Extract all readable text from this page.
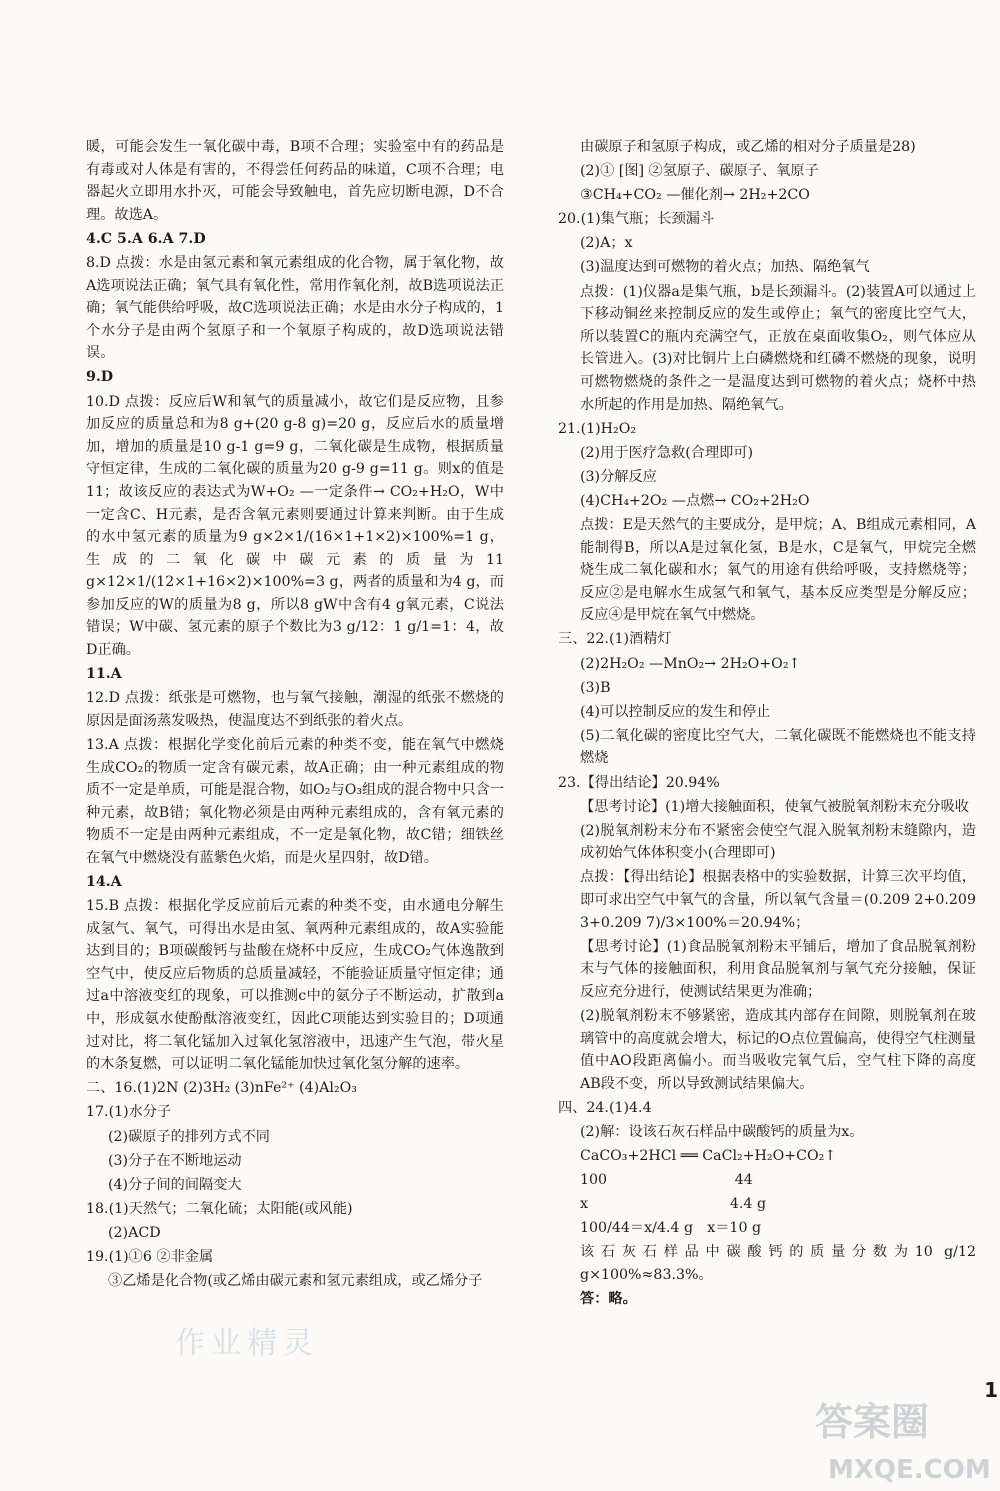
暖，可能会发生一氧化碳中毒，B项不合理；实验室中有的药品是有毒或对人体是有害的，不得尝任何药品的味道，C项不合理；电器起火立即用水扑灭，可能会导致触电，首先应切断电源，D不合理。故选A。

4.C 5.A 6.A 7.D

8.D 点拨：水是由氢元素和氧元素组成的化合物，属于氧化物，故A选项说法正确；氧气具有氧化性，常用作氧化剂，故B选项说法正确；氧气能供给呼吸，故C选项说法正确；水是由水分子构成的，1个水分子是由两个氢原子和一个氧原子构成的，故D选项说法错误。

9.D

10.D 点拨：反应后W和氧气的质量减小，故它们是反应物，且参加反应的质量总和为8 g+(20 g-8 g)=20 g，反应后水的质量增加，增加的质量是10 g-1 g=9 g，二氧化碳是生成物，根据质量守恒定律，生成的二氧化碳的质量为20 g-9 g=11 g。则x的值是11；故该反应的表达式为W+O₂ —一定条件→ CO₂+H₂O，W中一定含C、H元素，是否含氧元素则要通过计算来判断。由于生成的水中氢元素的质量为9 g×2×1/(16×1+1×2)×100%=1 g，生成的二氧化碳中碳元素的质量为11 g×12×1/(12×1+16×2)×100%=3 g，两者的质量和为4 g，而参加反应的W的质量为8 g，所以8 gW中含有4 g氧元素，C说法错误；W中碳、氢元素的原子个数比为3 g/12：1 g/1=1：4，故D正确。

11.A

12.D 点拨：纸张是可燃物，也与氧气接触，潮湿的纸张不燃烧的原因是面汤蒸发吸热，使温度达不到纸张的着火点。

13.A 点拨：根据化学变化前后元素的种类不变，能在氧气中燃烧生成CO₂的物质一定含有碳元素，故A正确；由一种元素组成的物质不一定是单质，可能是混合物，如O₂与O₃组成的混合物中只含一种元素，故B错；氧化物必须是由两种元素组成的，含有氧元素的物质不一定是由两种元素组成，不一定是氧化物，故C错；细铁丝在氧气中燃烧没有蓝紫色火焰，而是火星四射，故D错。

14.A

15.B 点拨：根据化学反应前后元素的种类不变，由水通电分解生成氢气、氧气，可得出水是由氢、氧两种元素组成的，故A实验能达到目的；B项碳酸钙与盐酸在烧杯中反应，生成CO₂气体逸散到空气中，使反应后物质的总质量减轻，不能验证质量守恒定律；通过a中溶液变红的现象，可以推测c中的氨分子不断运动，扩散到a中，形成氨水使酚酞溶液变红，因此C项能达到实验目的；D项通过对比，将二氧化锰加入过氧化氢溶液中，迅速产生气泡，带火星的木条复燃，可以证明二氧化锰能加快过氧化氢分解的速率。

二、16.(1)2N (2)3H₂ (3)nFe²⁺ (4)Al₂O₃

17.(1)水分子

(2)碳原子的排列方式不同

(3)分子在不断地运动

(4)分子间的间隔变大

18.(1)天然气；二氧化硫；太阳能(或风能)

(2)ACD

19.(1)①6 ②非金属

③乙烯是化合物(或乙烯由碳元素和氢元素组成，或乙烯分子

由碳原子和氢原子构成，或乙烯的相对分子质量是28)

(2)① [图] ②氢原子、碳原子、氧原子

③CH₄+CO₂ —催化剂→ 2H₂+2CO

20.(1)集气瓶；长颈漏斗

(2)A；x

(3)温度达到可燃物的着火点；加热、隔绝氧气

点拨：(1)仪器a是集气瓶，b是长颈漏斗。(2)装置A可以通过上下移动铜丝来控制反应的发生或停止；氧气的密度比空气大，所以装置C的瓶内充满空气，正放在桌面收集O₂，则气体应从长管进入。(3)对比铜片上白磷燃烧和红磷不燃烧的现象，说明可燃物燃烧的条件之一是温度达到可燃物的着火点；烧杯中热水所起的作用是加热、隔绝氧气。

21.(1)H₂O₂

(2)用于医疗急救(合理即可)

(3)分解反应

(4)CH₄+2O₂ —点燃→ CO₂+2H₂O

点拨：E是天然气的主要成分，是甲烷；A、B组成元素相同，A能制得B，所以A是过氧化氢，B是水，C是氧气，甲烷完全燃烧生成二氧化碳和水；氧气的用途有供给呼吸，支持燃烧等；反应②是电解水生成氢气和氧气，基本反应类型是分解反应；反应④是甲烷在氧气中燃烧。

三、22.(1)酒精灯

(2)2H₂O₂ —MnO₂→ 2H₂O+O₂↑

(3)B

(4)可以控制反应的发生和停止

(5)二氧化碳的密度比空气大，二氧化碳既不能燃烧也不能支持燃烧

23.【得出结论】20.94%

【思考讨论】(1)增大接触面积，使氧气被脱氧剂粉末充分吸收

(2)脱氧剂粉末分布不紧密会使空气混入脱氧剂粉末缝隙内，造成初始气体体积变小(合理即可)

点拨：【得出结论】根据表格中的实验数据，计算三次平均值，即可求出空气中氧气的含量，所以氧气含量＝(0.209 2+0.209 3+0.209 7)/3×100%＝20.94%；

【思考讨论】(1)食品脱氧剂粉末平铺后，增加了食品脱氧剂粉末与气体的接触面积，利用食品脱氧剂与氧气充分接触，保证反应充分进行，使测试结果更为准确；

(2)脱氧剂粉末不够紧密，造成其内部存在间隙，则脱氧剂在玻璃管中的高度就会增大，标记的O点位置偏高，使得空气柱测量值中AO段距离偏小。而当吸收完氧气后，空气柱下降的高度AB段不变，所以导致测试结果偏大。

四、24.(1)4.4

(2)解：设该石灰石样品中碳酸钙的质量为x。

CaCO₃+2HCl ══ CaCl₂+H₂O+CO₂↑

100　　　　　　　　　44

x　　　　　　　　　　4.4 g

100/44＝x/4.4 g　x＝10 g

该石灰石样品中碳酸钙的质量分数为10 g/12 g×100%≈83.3%。

答：略。

1
作业精灵
答案圈
MXQE.COM
